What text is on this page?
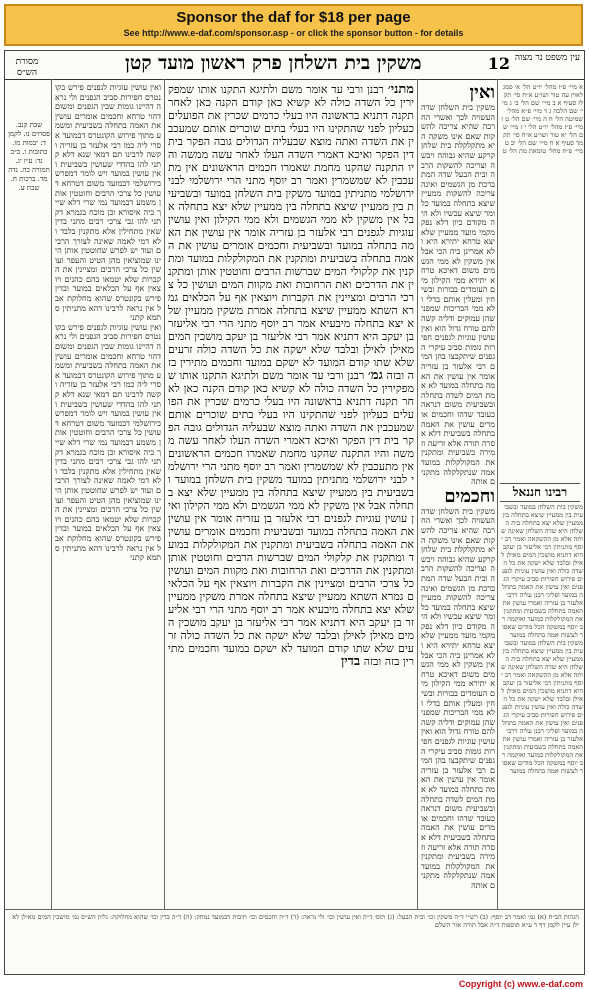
Sponsor the daf for $18 per page
See http://www.e-daf.com/sponsor.asp - or click the sponsor button - for details
מסורת הש״ס	משקין בית השלחן פרק ראשון מועד קטן	12 עין משפט נר מצוה
שבת קנב. פסחים נו. לקמן ד: יבמות מו. כתובות ו. ב״ב נד: ע״ז יג. תמורה כה. נדה מד. ברכות ח. שבת ע.
ואין עושין עוגיות לגפנים פירש בקונטרס חפירות סביב הגפנים ולי נראה דהיינו גומות שבין הגפנים ומשום דהוי טרחא וחכמים אומרים עושין את האמה בתחלה בשביעית ומשמע מתוך פירוש הקונטרס דבמועד אסרי ליה כמו רבי אלעזר בן עזריה וקשה לרבינו תם דמאי שנא דלא קתני להו בהדדי שעושין בשביעית ואין עושין במועד ויש לומר דמפרש בירושלמי דבמועד משום דטרחא דעושין כל צרכי הרבים וחוטטין אותן משמע דבמועד נמי שרי דלא שייך ביה איסורא וכן מוכח בגמרא דקתני להו גבי צרכי רבים מתני בדין שאין מתחילין אלא מתקנין בלבד ולא דמי לאמה שאינה לצורך הרבים ועוד יש לפרש שחוטטין אותן היינו שמוציאין מהן הטיט והעפר ועושין כל צרכי הרבים ומציינין את הקברות שלא יטמאו בהם כהנים ויוצאין אף על הכלאים במועד ובדין פירש בקונטרס שהוא מחלוקת אבל אין נראה לרבינו דהא מתניתין סתמא קתני
ואין עושין עוגיות לגפנים פירש בקונטרס חפירות סביב הגפנים ולי נראה דהיינו גומות שבין הגפנים ומשום דהוי טרחא וחכמים אומרים עושין את האמה בתחלה בשביעית ומשמע מתוך פירוש הקונטרס דבמועד אסרי ליה כמו רבי אלעזר בן עזריה וקשה לרבינו תם דמאי שנא דלא קתני להו בהדדי שעושין בשביעית ואין עושין במועד ויש לומר דמפרש בירושלמי דבמועד משום דטרחא דעושין כל צרכי הרבים וחוטטין אותן משמע דבמועד נמי שרי דלא שייך ביה איסורא וכן מוכח בגמרא דקתני להו גבי צרכי רבים מתני בדין שאין מתחילין אלא מתקנין בלבד ולא דמי לאמה שאינה לצורך הרבים ועוד יש לפרש שחוטטין אותן היינו שמוציאין מהן הטיט והעפר ועושין כל צרכי הרבים ומציינין את הקברות שלא יטמאו בהם כהנים ויוצאין אף על הכלאים במועד ובדין פירש בקונטרס שהוא מחלוקת אבל אין נראה לרבינו דהא מתניתין סתמא קתני
מתני׳ רבנן ורבי עד אומר משם ולתיגא התקנו אותו שמפקירין כל השדה כולה לא קשיא כאן קודם הקנה כאן לאחר תקנה דתניא בראשונה היו בעלי כרמים שכרין את הפועלים כעליון לפני שהתקינו היו בעלי בתים שוכרים אותם שמעכבין את השדה ואתה מוצא שבעליה הגדולים גובה הפקר בית דין הפקר ואיכא דאמרי השדה העלו לאחר עשה ממשה והיו התקנה שהקנו מחמת שאמרו חכמים הראשונים אין מתעכבין לא שמשמרין ואמר רב יוסף מתני הרי ירושלמי לבני ירושלמי מתניתין במועד משקין בית השלחן במועד ובשביעית בין ממעיין שיצא בתחלה בין ממעיין שלא יצא בתחלה אבל אין משקין לא ממי הגשמים ולא ממי הקילון ואין עושין עוגיות לגפנים רבי אלעזר בן עזריה אומר אין עושין את האמה בתחלה במועד ובשביעית וחכמים אומרים עושין את האמה בתחלה בשביעית ומתקנין את המקולקלות במועד ומתקנין את קלקולי המים שברשות הרבים וחוטטין אותן ומתקנין את הדרכים ואת הרחובות ואת מקוות המים ועושין כל צרכי הרבים ומציינין את הקברות ויוצאין אף על הכלאים גמרא השתא ממעיין שיצא בתחלה אמרת משקין ממעיין שלא יצא בתחלה מיבעיא אמר רב יוסף מתני הרי רבי אליעזר בן יעקב היא דתניא אמר רבי אליעזר בן יעקב מושכין המים מאילן לאילן ובלבד שלא ישקה את כל השדה כולה זרעים שלא שתו קודם המועד לא ישקם במועד וחכמים מתירין בזה ובזה גמ׳ רבנן ורבי עד אומר משם ולתיגא התקנו אותו שמפקירין כל השדה כולה לא קשיא כאן קודם הקנה כאן לאחר תקנה דתניא בראשונה היו בעלי כרמים שכרין את הפועלים כעליון לפני שהתקינו היו בעלי בתים שוכרים אותם שמעכבין את השדה ואתה מוצא שבעליה הגדולים גובה הפקר בית דין הפקר ואיכא דאמרי השדה העלו לאחר עשה ממשה והיו התקנה שהקנו מחמת שאמרו חכמים הראשונים אין מתעכבין לא שמשמרין ואמר רב יוסף מתני הרי ירושלמי לבני ירושלמי מתניתין במועד משקין בית השלחן במועד ובשביעית בין ממעיין שיצא בתחלה בין ממעיין שלא יצא בתחלה אבל אין משקין לא ממי הגשמים ולא ממי הקילון ואין עושין עוגיות לגפנים רבי אלעזר בן עזריה אומר אין עושין את האמה בתחלה במועד ובשביעית וחכמים אומרים עושין את האמה בתחלה בשביעית ומתקנין את המקולקלות במועד ומתקנין את קלקולי המים שברשות הרבים וחוטטין אותן ומתקנין את הדרכים ואת הרחובות ואת מקוות המים ועושין כל צרכי הרבים ומציינין את הקברות ויוצאין אף על הכלאים גמרא השתא ממעיין שיצא בתחלה אמרת משקין ממעיין שלא יצא בתחלה מיבעיא אמר רב יוסף מתני הרי רבי אליעזר בן יעקב היא דתניא אמר רבי אליעזר בן יעקב מושכין המים מאילן לאילן ובלבד שלא ישקה את כל השדה כולה זרעים שלא שתו קודם המועד לא ישקם במועד וחכמים מתירין בזה ובזה בדין
ואין
משקין בית השלחן שדה העשויה לכך ואשרי החרבה שהיא צריכה להשקות שאם אינו משקה היא מתקלקלת בית שלחן קרקע שהיא גבוהה ויבשה וצריכה להשקות הרבה ובית הבעל שדה המתברכת מן הגשמים ואינה צריכה להשקות ממעיין שיצא בתחלה במועד כלומר שיצא עכשיו ולא היה מקודם כיון דלא נפק מקמי מועד ממעיין שלא יצא טרחא יתירא היא ולא אמרינן ביה הכי אבל אין משקין לא ממי הגשמים משום דאיכא טרחא יתירא ממי הקילון מים העומדים בבורות ובשיחין ומעלין אותם בדלי ולא ממי הבריכות שמפני שהן עמוקים ודליה קשה להם טורח גדול הוא ואין עושין עוגיות לגפנים חפירות גומות סביב עיקרי הגפנים שיתקבצו בהן המים רבי אלעזר בן עזריה אומר אין עושין את האמה בתחלה במועד לא אמת המים לשדה בתחלה ובשביעית משום דנראה כעובד שדהו וחכמים אומרים עושין את האמה בתחלה בשביעית דלא אסרה תורה אלא זריעה וזמירה בשביעית ומתקנין את המקולקלות במועד אמה שנתקלקלה מתקנים אותה
וחכמים
משקין בית השלחן שדה העשויה לכך ואשרי החרבה שהיא צריכה להשקות שאם אינו משקה היא מתקלקלת בית שלחן קרקע שהיא גבוהה ויבשה וצריכה להשקות הרבה ובית הבעל שדה המתברכת מן הגשמים ואינה צריכה להשקות ממעיין שיצא בתחלה במועד כלומר שיצא עכשיו ולא היה מקודם כיון דלא נפק מקמי מועד ממעיין שלא יצא טרחא יתירא היא ולא אמרינן ביה הכי אבל אין משקין לא ממי הגשמים משום דאיכא טרחא יתירא ממי הקילון מים העומדים בבורות ובשיחין ומעלין אותם בדלי ולא ממי הבריכות שמפני שהן עמוקים ודליה קשה להם טורח גדול הוא ואין עושין עוגיות לגפנים חפירות גומות סביב עיקרי הגפנים שיתקבצו בהן המים רבי אלעזר בן עזריה אומר אין עושין את האמה בתחלה במועד לא אמת המים לשדה בתחלה ובשביעית משום דנראה כעובד שדהו וחכמים אומרים עושין את האמה בתחלה בשביעית דלא אסרה תורה אלא זריעה וזמירה בשביעית ומתקנין את המקולקלות במועד אמה שנתקלקלה מתקנים אותה
א מיי׳ פ״ז מהל׳ יו״ט הל׳ א׳ סמג לאוין עה טור ושו״ע א״ח סי׳ תקלז סעיף א ב מיי׳ שם הל׳ ב׳ ג מיי׳ שם הלכה ג ד מיי׳ פ״א מהל׳ שמיטה הל׳ ח ה מיי׳ שם הל׳ ט ו מיי׳ פ״ז מהל׳ יו״ט הל׳ י ז מיי׳ שם הל׳ יא טור ושו״ע א״ח סי׳ תקמד סעיף א ח מיי׳ שם הל׳ יב ט מיי׳ פ״ח מהל׳ טומאת מת הל׳ ט
רבינו חננאל
משקין בית השלחן במועד ובשביעית בין ממעיין שיצא בתחלה בין ממעיין שלא יצא בתחלה בית השלחן היא שדה השלחן שאינה שותה אלא מן ההשקאה ואמר רב יוסף מתניתין רבי אליעזר בן יעקב היא דתניא מושכין המים מאילן לאילן ובלבד שלא ישקה את כל השדה כולה ואין עושין עוגיות לגפנים פירוש חפירות סביב עיקרי הגפנים ואין עושין את האמה בתחלה במועד ופליגי רבנן עליה דרבי אלעזר בן עזריה ואמרי עושין את האמה בתחלה בשביעית ומתקנין את המקולקלות במועד ואוקמה רב יוסף במשקה הכל מודים שאסור לעשות אמה בתחלה במועד
משקין בית השלחן במועד ובשביעית בין ממעיין שיצא בתחלה בין ממעיין שלא יצא בתחלה בית השלחן היא שדה השלחן שאינה שותה אלא מן ההשקאה ואמר רב יוסף מתניתין רבי אליעזר בן יעקב היא דתניא מושכין המים מאילן לאילן ובלבד שלא ישקה את כל השדה כולה ואין עושין עוגיות לגפנים פירוש חפירות סביב עיקרי הגפנים ואין עושין את האמה בתחלה במועד ופליגי רבנן עליה דרבי אלעזר בן עזריה ואמרי עושין את האמה בתחלה בשביעית ומתקנין את המקולקלות במועד ואוקמה רב יוסף במשקה הכל מודים שאסור לעשות אמה בתחלה במועד
הגהות הב״ח (א) גמ׳ ואמר רב יוסף: (ב) רש״י ד״ה משקין וכו׳ ובית הבעל: (ג) תוס׳ ד״ה ואין עושין וכו׳ ולי נראה: (ד) ד״ה וחכמים וכו׳ תיבות דבמועד נמחק: (ה) ד״ה בדין וכו׳ שהוא מחלוקת: גליון הש״ס גמ׳ מושכין המים מאילן לאילן עיין לקמן דף ד ע״א תוספות ד״ה אבל תורה אור השלם
Copyright (c) www.e-daf.com
